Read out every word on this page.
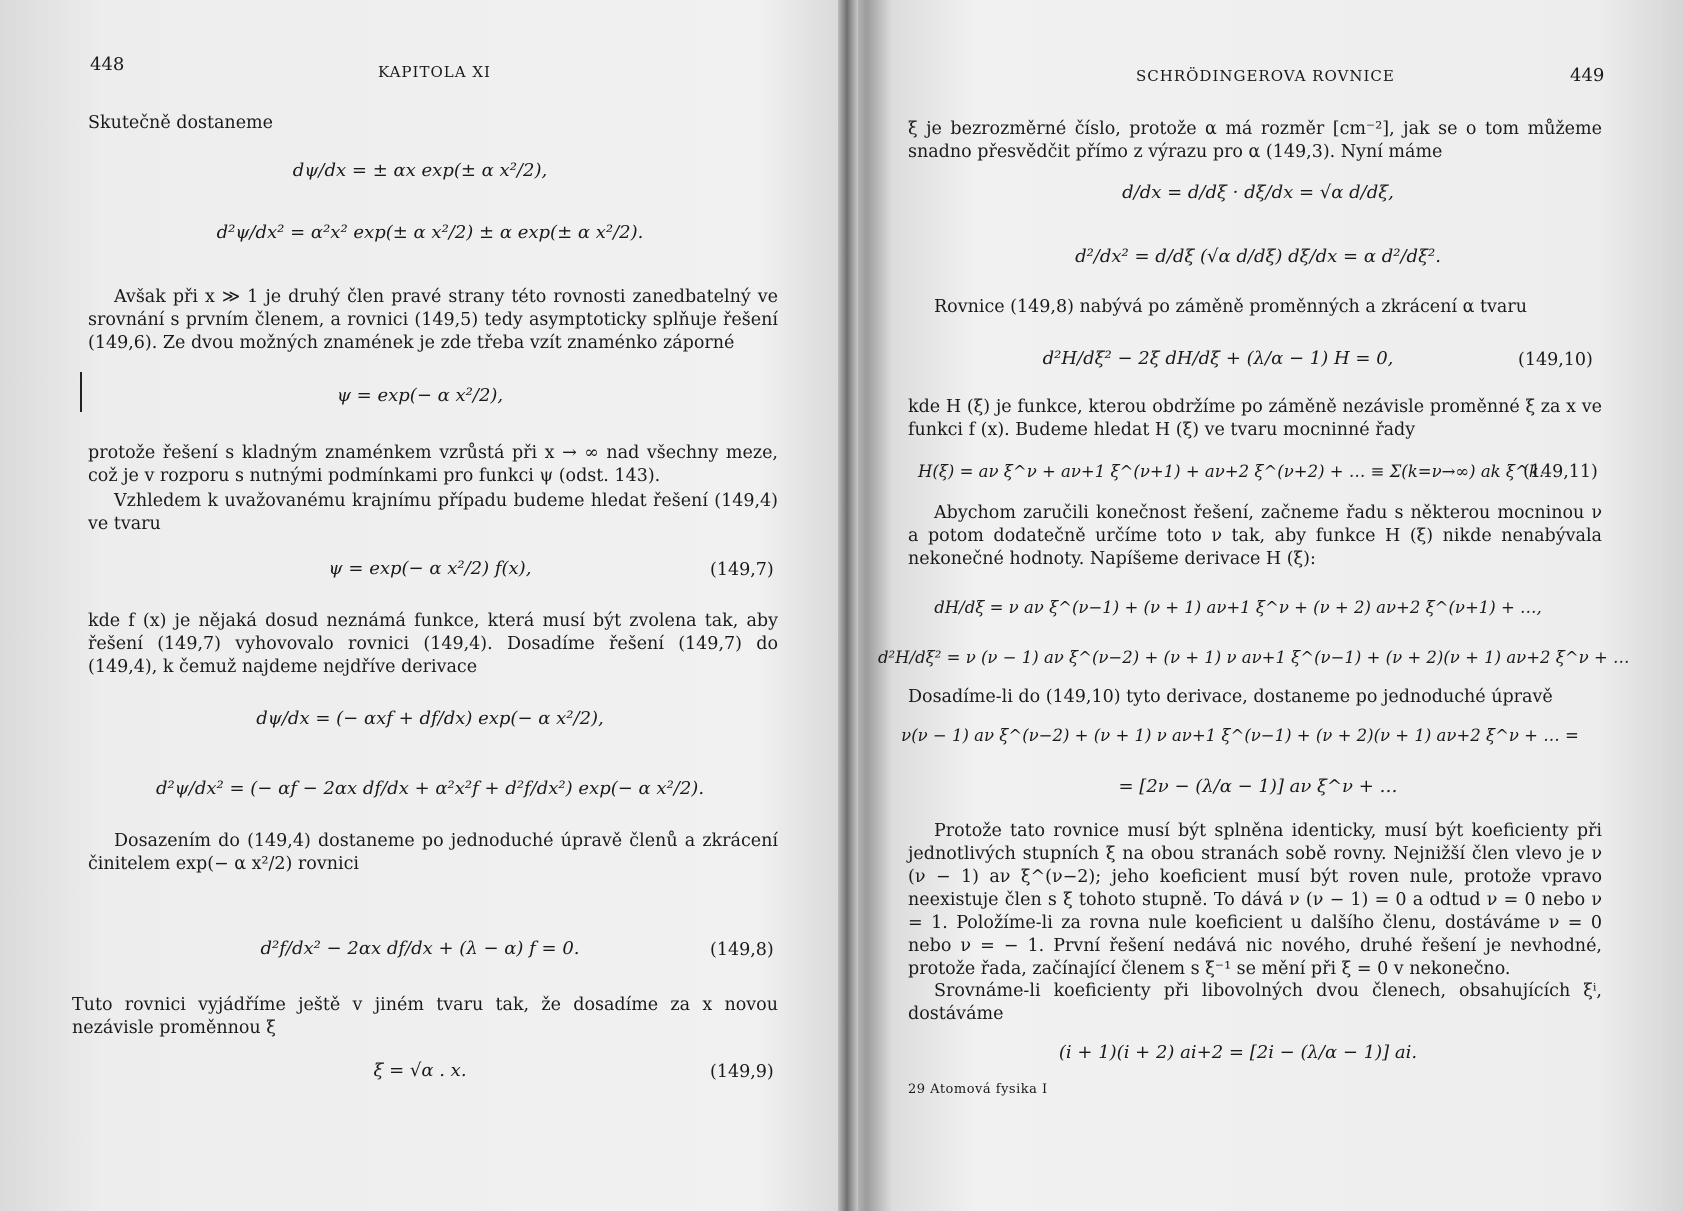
448	KAPITOLA XI

Skutečně dostaneme

dψ/dx = ± αx exp(± α x²/2),
d²ψ/dx² = α²x² exp(± α x²/2) ± α exp(± α x²/2).

Avšak při x ≫ 1 je druhý člen pravé strany této rovnosti zanedbatelný ve srovnání s prvním členem, a rovnici (149,5) tedy asymptoticky splňuje řešení (149,6). Ze dvou možných znamének je zde třeba vzít znaménko záporné

ψ = exp(− α x²/2),

protože řešení s kladným znaménkem vzrůstá při x → ∞ nad všechny meze, což je v rozporu s nutnými podmínkami pro funkci ψ (odst. 143).

Vzhledem k uvažovanému krajnímu případu budeme hledat řešení (149,4) ve tvaru

ψ = exp(− α x²/2) f(x),	(149,7)

kde f (x) je nějaká dosud neznámá funkce, která musí být zvolena tak, aby řešení (149,7) vyhovovalo rovnici (149,4). Dosadíme řešení (149,7) do (149,4), k čemuž najdeme nejdříve derivace

dψ/dx = (− αxf + df/dx) exp(− α x²/2),
d²ψ/dx² = (− αf − 2αx df/dx + α²x²f + d²f/dx²) exp(− α x²/2).

Dosazením do (149,4) dostaneme po jednoduché úpravě členů a zkrácení činitelem exp(− α x²/2) rovnici

d²f/dx² − 2αx df/dx + (λ − α) f = 0.	(149,8)

Tuto rovnici vyjádříme ještě v jiném tvaru tak, že dosadíme za x novou nezávisle proměnnou ξ

ξ = √α . x.	(149,9)
SCHRÖDINGEROVA ROVNICE	449

ξ je bezrozměrné číslo, protože α má rozměr [cm⁻²], jak se o tom můžeme snadno přesvědčit přímo z výrazu pro α (149,3). Nyní máme

d/dx = d/dξ · dξ/dx = √α d/dξ,
d²/dx² = d/dξ (√α d/dξ) dξ/dx = α d²/dξ².

Rovnice (149,8) nabývá po záměně proměnných a zkrácení α tvaru

d²H/dξ² − 2ξ dH/dξ + (λ/α − 1) H = 0,	(149,10)

kde H (ξ) je funkce, kterou obdržíme po záměně nezávisle proměnné ξ za x ve funkci f (x). Budeme hledat H (ξ) ve tvaru mocninné řady

H(ξ) = aν ξ^ν + aν+1 ξ^(ν+1) + aν+2 ξ^(ν+2) + … ≡ Σ(k=ν→∞) ak ξ^k.
(149,11)

Abychom zaručili konečnost řešení, začneme řadu s některou mocninou ν a potom dodatečně určíme toto ν tak, aby funkce H (ξ) nikde nenabývala nekonečné hodnoty. Napíšeme derivace H (ξ):

dH/dξ = ν aν ξ^(ν−1) + (ν + 1) aν+1 ξ^ν + (ν + 2) aν+2 ξ^(ν+1) + …,
d²H/dξ² = ν (ν − 1) aν ξ^(ν−2) + (ν + 1) ν aν+1 ξ^(ν−1) + (ν + 2)(ν + 1) aν+2 ξ^ν + …

Dosadíme-li do (149,10) tyto derivace, dostaneme po jednoduché úpravě

ν(ν − 1) aν ξ^(ν−2) + (ν + 1) ν aν+1 ξ^(ν−1) + (ν + 2)(ν + 1) aν+2 ξ^ν + … =
= [2ν − (λ/α − 1)] aν ξ^ν + …

Protože tato rovnice musí být splněna identicky, musí být koeficienty při jednotlivých stupních ξ na obou stranách sobě rovny. Nejnižší člen vlevo je ν (ν − 1) aν ξ^(ν−2); jeho koeficient musí být roven nule, protože vpravo neexistuje člen s ξ tohoto stupně. To dává ν (ν − 1) = 0 a odtud ν = 0 nebo ν = 1. Položíme-li za rovna nule koeficient u dalšího členu, dostáváme ν = 0 nebo ν = − 1. První řešení nedává nic nového, druhé řešení je nevhodné, protože řada, začínající členem s ξ⁻¹ se mění při ξ = 0 v nekonečno.

Srovnáme-li koeficienty při libovolných dvou členech, obsahujících ξⁱ, dostáváme

(i + 1)(i + 2) ai+2 = [2i − (λ/α − 1)] ai.
29 Atomová fysika I
